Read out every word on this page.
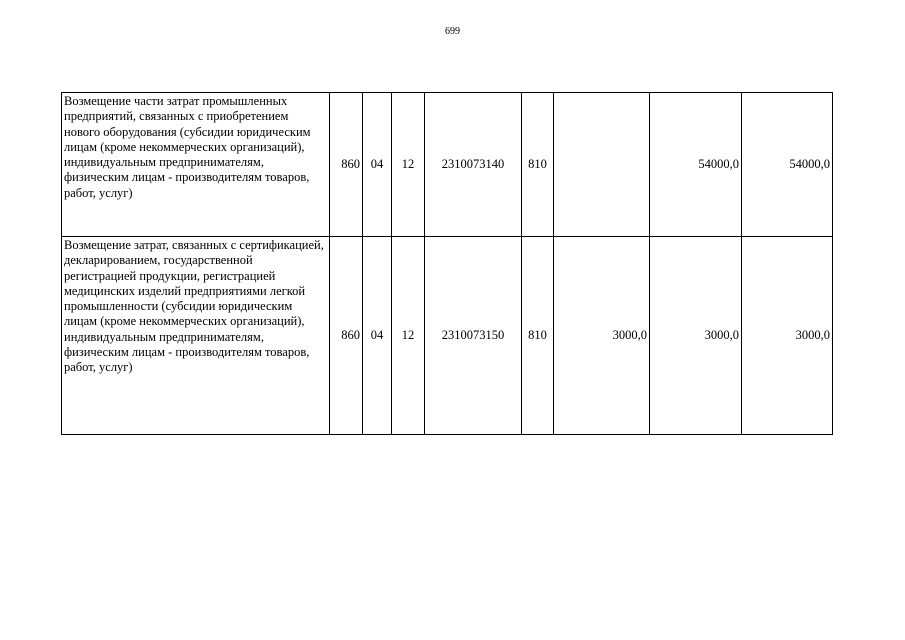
699
Возмещение части затрат промышленных предприятий, связанных с приобретением нового оборудования (субсидии юридическим лицам (кроме некоммерческих организаций), индивидуальным предпринимателям, физическим лицам - производителям товаров, работ, услуг)	860	04	12	2310073140	810		54000,0	54000,0
Возмещение затрат, связанных с сертификацией, декларированием, государственной регистрацией продукции, регистрацией медицинских изделий предприятиями легкой промышленности (субсидии юридическим лицам (кроме некоммерческих организаций), индивидуальным предпринимателям, физическим лицам - производителям товаров, работ, услуг)	860	04	12	2310073150	810	3000,0	3000,0	3000,0
